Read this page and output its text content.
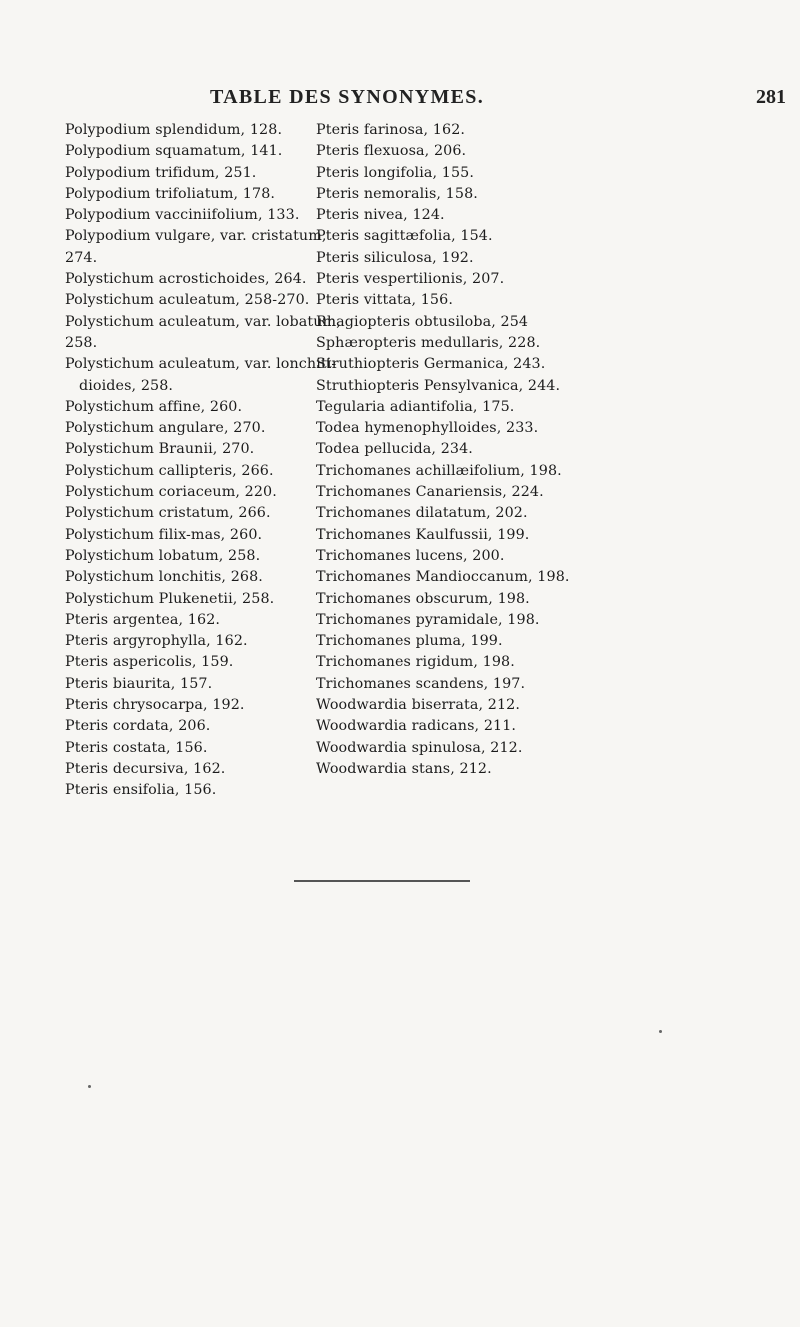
TABLE DES SYNONYMES.	281
Polypodium splendidum, 128.
Polypodium squamatum, 141.
Polypodium trifidum, 251.
Polypodium trifoliatum, 178.
Polypodium vacciniifolium, 133.
Polypodium vulgare, var. cristatum,
274.
Polystichum acrostichoides, 264.
Polystichum aculeatum, 258-270.
Polystichum aculeatum, var. lobatum,
258.
Polystichum aculeatum, var. lonchiti-
dioides, 258.
Polystichum affine, 260.
Polystichum angulare, 270.
Polystichum Braunii, 270.
Polystichum callipteris, 266.
Polystichum coriaceum, 220.
Polystichum cristatum, 266.
Polystichum filix-mas, 260.
Polystichum lobatum, 258.
Polystichum lonchitis, 268.
Polystichum Plukenetii, 258.
Pteris argentea, 162.
Pteris argyrophylla, 162.
Pteris aspericolis, 159.
Pteris biaurita, 157.
Pteris chrysocarpa, 192.
Pteris cordata, 206.
Pteris costata, 156.
Pteris decursiva, 162.
Pteris ensifolia, 156.
Pteris farinosa, 162.
Pteris flexuosa, 206.
Pteris longifolia, 155.
Pteris nemoralis, 158.
Pteris nivea, 124.
Pteris sagittæfolia, 154.
Pteris siliculosa, 192.
Pteris vespertilionis, 207.
Pteris vittata, 156.
Rhagiopteris obtusiloba, 254
Sphæropteris medullaris, 228.
Struthiopteris Germanica, 243.
Struthiopteris Pensylvanica, 244.
Tegularia adiantifolia, 175.
Todea hymenophylloides, 233.
Todea pellucida, 234.
Trichomanes achillæifolium, 198.
Trichomanes Canariensis, 224.
Trichomanes dilatatum, 202.
Trichomanes Kaulfussii, 199.
Trichomanes lucens, 200.
Trichomanes Mandioccanum, 198.
Trichomanes obscurum, 198.
Trichomanes pyramidale, 198.
Trichomanes pluma, 199.
Trichomanes rigidum, 198.
Trichomanes scandens, 197.
Woodwardia biserrata, 212.
Woodwardia radicans, 211.
Woodwardia spinulosa, 212.
Woodwardia stans, 212.
